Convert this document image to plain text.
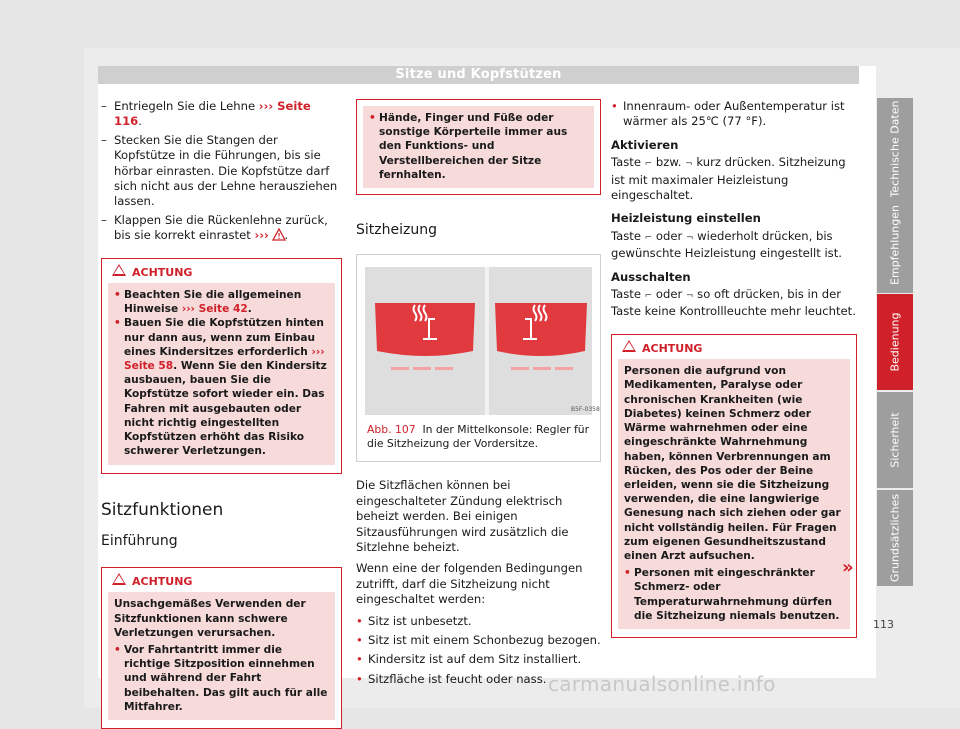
Sitze und Kopfstützen
– Entriegeln Sie die Lehne ››› Seite 116.
– Stecken Sie die Stangen der Kopfstütze in die Führungen, bis sie hörbar einrasten. Die Kopfstütze darf sich nicht aus der Lehne herausziehen lassen.
– Klappen Sie die Rückenlehne zurück, bis sie korrekt einrastet ››› .
ACHTUNG
• Beachten Sie die allgemeinen Hinweise ››› Seite 42.
• Bauen Sie die Kopfstützen hinten nur dann aus, wenn zum Einbau eines Kindersitzes erforderlich ››› Seite 58. Wenn Sie den Kindersitz ausbauen, bauen Sie die Kopfstütze sofort wieder ein. Das Fahren mit ausgebauten oder nicht richtig eingestellten Kopfstützen erhöht das Risiko schwerer Verletzungen.
Sitzfunktionen
Einführung
ACHTUNG
Unsachgemäßes Verwenden der Sitzfunktionen kann schwere Verletzungen verursachen.
• Vor Fahrtantritt immer die richtige Sitzposition einnehmen und während der Fahrt beibehalten. Das gilt auch für alle Mitfahrer.
• Hände, Finger und Füße oder sonstige Körperteile immer aus den Funktions- und Verstellbereichen der Sitze fernhalten.
Sitzheizung
B5F-0358
Abb. 107 In der Mittelkonsole: Regler für die Sitzheizung der Vordersitze.

Die Sitzflächen können bei eingeschalteter Zündung elektrisch beheizt werden. Bei einigen Sitzausführungen wird zusätzlich die Sitzlehne beheizt.

Wenn eine der folgenden Bedingungen zutrifft, darf die Sitzheizung nicht eingeschaltet werden:

• Sitz ist unbesetzt.
• Sitz ist mit einem Schonbezug bezogen.
• Kindersitz ist auf dem Sitz installiert.
• Sitzfläche ist feucht oder nass.
• Innenraum- oder Außentemperatur ist wärmer als 25℃ (77 °F).
Aktivieren

Taste ⌐ bzw. ¬ kurz drücken. Sitzheizung ist mit maximaler Heizleistung eingeschaltet.

Heizleistung einstellen

Taste ⌐ oder ¬ wiederholt drücken, bis gewünschte Heizleistung eingestellt ist.

Ausschalten

Taste ⌐ oder ¬ so oft drücken, bis in der Taste keine Kontrollleuchte mehr leuchtet.

ACHTUNG
Personen die aufgrund von Medikamenten, Paralyse oder chronischen Krankheiten (wie Diabetes) keinen Schmerz oder Wärme wahrnehmen oder eine eingeschränkte Wahrnehmung haben, können Verbrennungen am Rücken, des Pos oder der Beine erleiden, wenn sie die Sitzheizung verwenden, die eine langwierige Genesung nach sich ziehen oder gar nicht vollständig heilen. Für Fragen zum eigenen Gesundheitszustand einen Arzt aufsuchen.
• Personen mit eingeschränkter Schmerz- oder Temperaturwahrnehmung dürfen die Sitzheizung niemals benutzen.
»
Technische Daten
Empfehlungen
Bedienung
Sicherheit
Grundsätzliches
113
carmanualsonline.info
